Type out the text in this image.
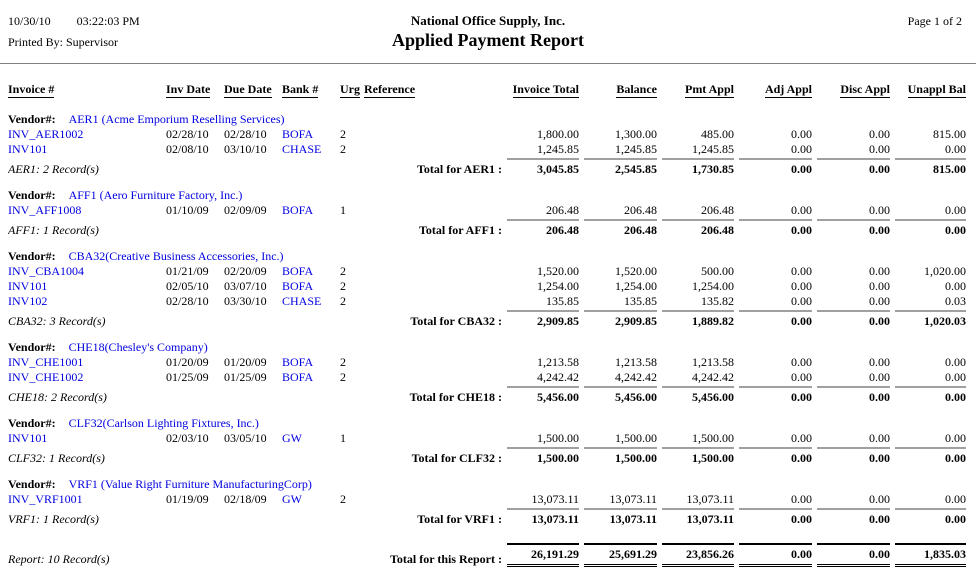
10/30/10 03:22:03 PM
Printed By: Supervisor
National Office Supply, Inc.
Applied Payment Report
Page 1 of 2
Invoice #	Inv Date	Due Date	Bank #	Urg	Reference	Invoice Total	Balance	Pmt Appl	Adj Appl	Disc Appl	Unappl Bal
Vendor#: AER1 (Acme Emporium Reselling Services)											
INV_AER1002	02/28/10	02/28/10	BOFA	2		1,800.00	1,300.00	485.00	0.00	0.00	815.00
INV101	02/08/10	03/10/10	CHASE	2		1,245.85	1,245.85	1,245.85	0.00	0.00	0.00
AER1: 2 Record(s)					Total for AER1 :	3,045.85	2,545.85	1,730.85	0.00	0.00	815.00

Vendor#: AFF1 (Aero Furniture Factory, Inc.)											
INV_AFF1008	01/10/09	02/09/09	BOFA	1		206.48	206.48	206.48	0.00	0.00	0.00
AFF1: 1 Record(s)					Total for AFF1 :	206.48	206.48	206.48	0.00	0.00	0.00

Vendor#: CBA32(Creative Business Accessories, Inc.)											
INV_CBA1004	01/21/09	02/20/09	BOFA	2		1,520.00	1,520.00	500.00	0.00	0.00	1,020.00
INV101	02/05/10	03/07/10	BOFA	2		1,254.00	1,254.00	1,254.00	0.00	0.00	0.00
INV102	02/28/10	03/30/10	CHASE	2		135.85	135.85	135.82	0.00	0.00	0.03
CBA32: 3 Record(s)					Total for CBA32 :	2,909.85	2,909.85	1,889.82	0.00	0.00	1,020.03

Vendor#: CHE18(Chesley's Company)											
INV_CHE1001	01/20/09	01/20/09	BOFA	2		1,213.58	1,213.58	1,213.58	0.00	0.00	0.00
INV_CHE1002	01/25/09	01/25/09	BOFA	2		4,242.42	4,242.42	4,242.42	0.00	0.00	0.00
CHE18: 2 Record(s)					Total for CHE18 :	5,456.00	5,456.00	5,456.00	0.00	0.00	0.00

Vendor#: CLF32(Carlson Lighting Fixtures, Inc.)											
INV101	02/03/10	03/05/10	GW	1		1,500.00	1,500.00	1,500.00	0.00	0.00	0.00
CLF32: 1 Record(s)					Total for CLF32 :	1,500.00	1,500.00	1,500.00	0.00	0.00	0.00

Vendor#: VRF1 (Value Right Furniture ManufacturingCorp)											
INV_VRF1001	01/19/09	02/18/09	GW	2		13,073.11	13,073.11	13,073.11	0.00	0.00	0.00
VRF1: 1 Record(s)					Total for VRF1 :	13,073.11	13,073.11	13,073.11	0.00	0.00	0.00

Report: 10 Record(s)					Total for this Report :	26,191.29	25,691.29	23,856.26	0.00	0.00	1,835.03
